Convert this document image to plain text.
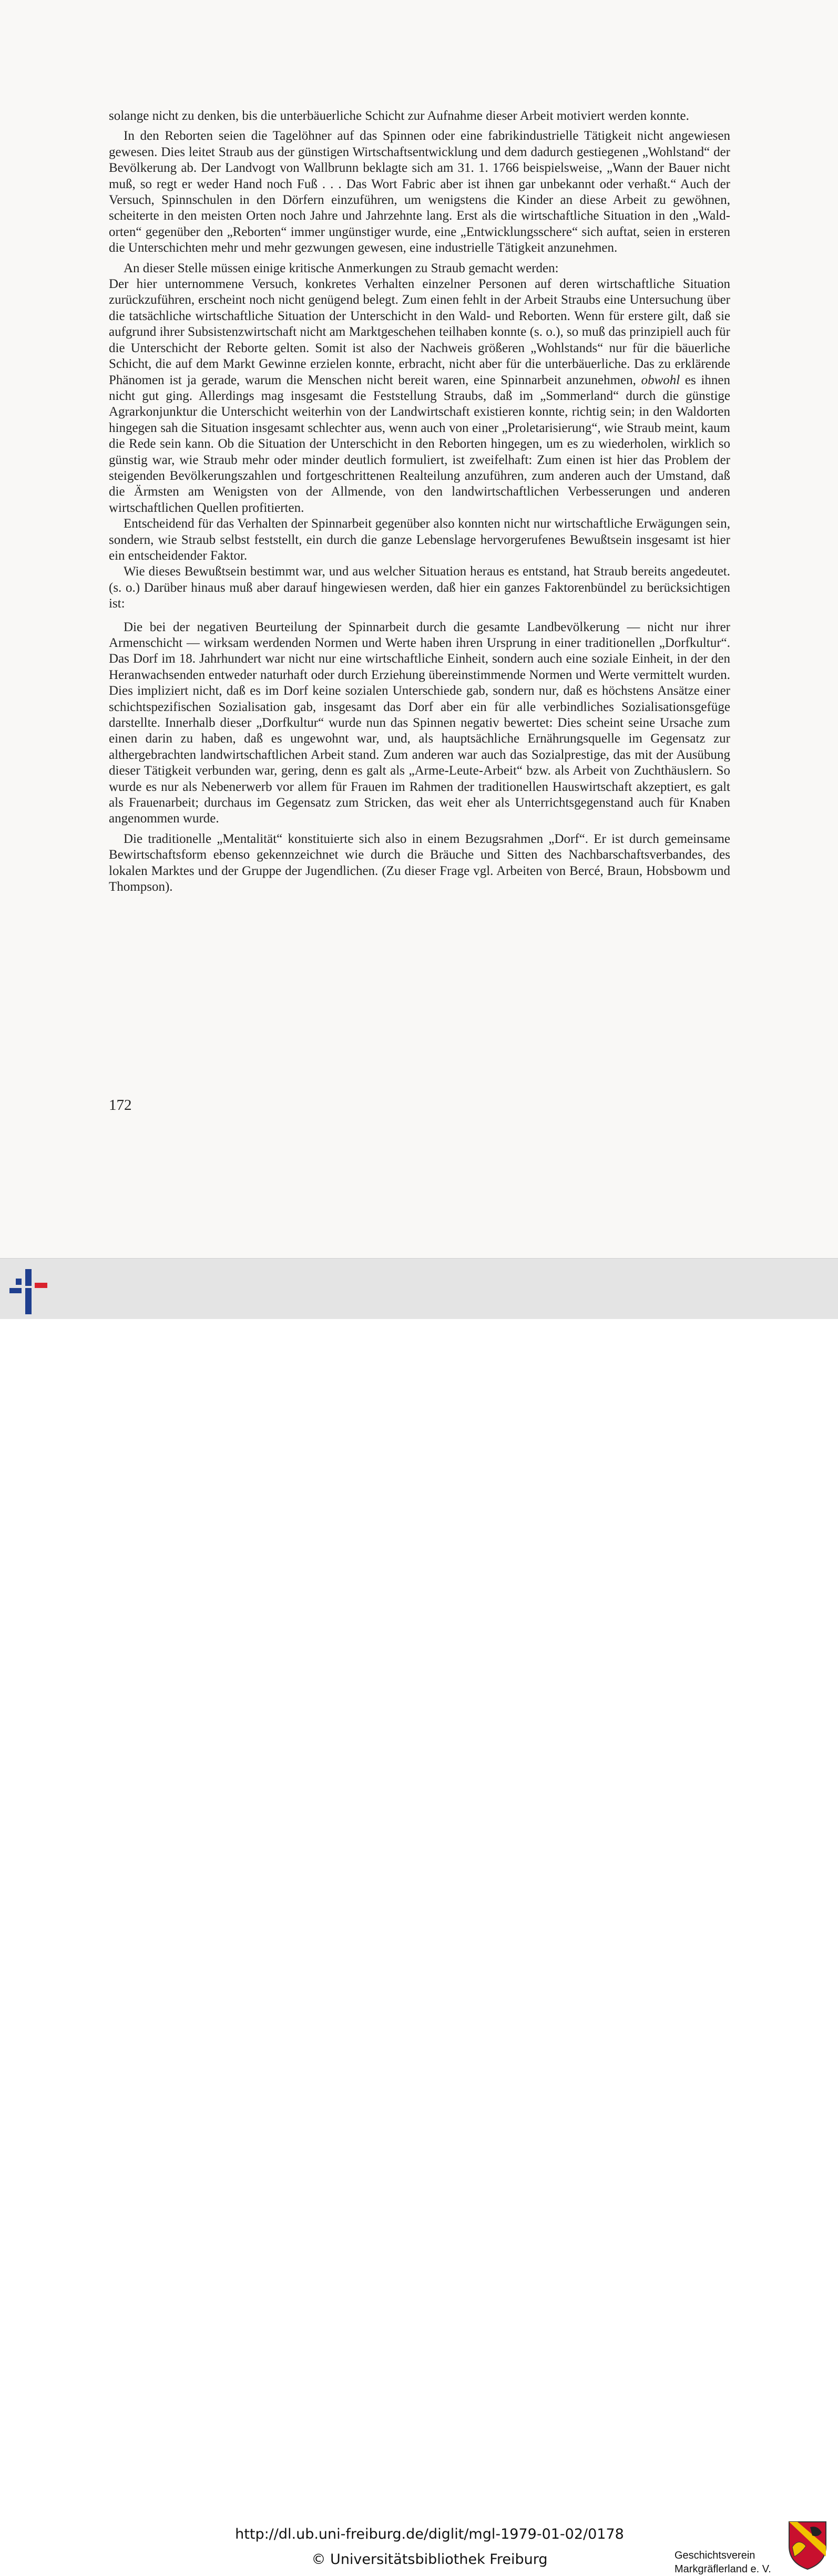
solange nicht zu denken, bis die unterbäuerliche Schicht zur Aufnahme dieser Arbeit motiviert werden konnte.

In den Reborten seien die Tagelöhner auf das Spinnen oder eine fabrikindustrielle Tätigkeit nicht angewiesen gewesen. Dies leitet Straub aus der günstigen Wirtschaftsentwicklung und dem dadurch gestiegenen „Wohlstand“ der Bevölkerung ab. Der Landvogt von Wallbrunn beklagte sich am 31. 1. 1766 beispielsweise, „Wann der Bauer nicht muß, so regt er weder Hand noch Fuß . . . Das Wort Fabric aber ist ihnen gar unbekannt oder verhaßt.“ Auch der Versuch, Spinnschulen in den Dörfern einzuführen, um wenigstens die Kinder an diese Arbeit zu gewöhnen, scheiterte in den meisten Orten noch Jahre und Jahrzehnte lang. Erst als die wirtschaftliche Situation in den „Waldorten“ gegenüber den „Reborten“ immer ungünstiger wurde, eine „Entwicklungsschere“ sich auftat, seien in ersteren die Unterschichten mehr und mehr gezwungen gewesen, eine industrielle Tätigkeit anzunehmen.

An dieser Stelle müssen einige kritische Anmerkungen zu Straub gemacht werden:

Der hier unternommene Versuch, konkretes Verhalten einzelner Personen auf deren wirtschaftliche Situation zurückzuführen, erscheint noch nicht genügend belegt. Zum einen fehlt in der Arbeit Straubs eine Untersuchung über die tatsächliche wirtschaftliche Situation der Unterschicht in den Wald- und Reborten. Wenn für erstere gilt, daß sie aufgrund ihrer Subsistenzwirtschaft nicht am Marktgeschehen teilhaben konnte (s. o.), so muß das prinzipiell auch für die Unterschicht der Reborte gelten. Somit ist also der Nachweis größeren „Wohlstands“ nur für die bäuerliche Schicht, die auf dem Markt Gewinne erzielen konnte, erbracht, nicht aber für die unterbäuerliche. Das zu erklärende Phänomen ist ja gerade, warum die Menschen nicht bereit waren, eine Spinnarbeit anzunehmen, obwohl es ihnen nicht gut ging. Allerdings mag insgesamt die Feststellung Straubs, daß im „Sommerland“ durch die günstige Agrarkonjunktur die Unterschicht weiterhin von der Landwirtschaft existieren konnte, richtig sein; in den Waldorten hingegen sah die Situation insgesamt schlechter aus, wenn auch von einer „Proletarisierung“, wie Straub meint, kaum die Rede sein kann. Ob die Situation der Unterschicht in den Reborten hingegen, um es zu wiederholen, wirklich so günstig war, wie Straub mehr oder minder deutlich formuliert, ist zweifelhaft: Zum einen ist hier das Problem der steigenden Bevölkerungszahlen und fortgeschrittenen Realteilung anzuführen, zum anderen auch der Umstand, daß die Ärmsten am Wenigsten von der Allmende, von den landwirtschaftlichen Verbesserungen und anderen wirtschaftlichen Quellen profitierten.

Entscheidend für das Verhalten der Spinnarbeit gegenüber also konnten nicht nur wirtschaftliche Erwägungen sein, sondern, wie Straub selbst feststellt, ein durch die ganze Lebenslage hervorgerufenes Bewußtsein insgesamt ist hier ein entscheidender Faktor.

Wie dieses Bewußtsein bestimmt war, und aus welcher Situation heraus es entstand, hat Straub bereits angedeutet. (s. o.) Darüber hinaus muß aber darauf hingewiesen werden, daß hier ein ganzes Faktorenbündel zu berücksichtigen ist:

Die bei der negativen Beurteilung der Spinnarbeit durch die gesamte Landbevölkerung — nicht nur ihrer Armenschicht — wirksam werdenden Normen und Werte haben ihren Ursprung in einer traditionellen „Dorfkultur“. Das Dorf im 18. Jahrhundert war nicht nur eine wirtschaftliche Einheit, sondern auch eine soziale Einheit, in der den Heranwachsenden entweder naturhaft oder durch Erziehung übereinstimmende Normen und Werte vermittelt wurden. Dies impliziert nicht, daß es im Dorf keine sozialen Unterschiede gab, sondern nur, daß es höchstens Ansätze einer schichtspezifischen Sozialisation gab, insgesamt das Dorf aber ein für alle verbindliches Sozialisationsgefüge darstellte. Innerhalb dieser „Dorfkultur“ wurde nun das Spinnen negativ bewertet: Dies scheint seine Ursache zum einen darin zu haben, daß es ungewohnt war, und, als hauptsächliche Ernährungsquelle im Gegensatz zur althergebrachten landwirtschaftlichen Arbeit stand. Zum anderen war auch das Sozialprestige, das mit der Ausübung dieser Tätigkeit verbunden war, gering, denn es galt als „Arme-Leute-Arbeit“ bzw. als Arbeit von Zuchthäuslern. So wurde es nur als Nebenerwerb vor allem für Frauen im Rahmen der traditionellen Hauswirtschaft akzeptiert, es galt als Frauenarbeit; durchaus im Gegensatz zum Stricken, das weit eher als Unterrichtsgegenstand auch für Knaben angenommen wurde.

Die traditionelle „Mentalität“ konstituierte sich also in einem Bezugsrahmen „Dorf“. Er ist durch gemeinsame Bewirtschaftsform ebenso gekennzeichnet wie durch die Bräuche und Sitten des Nachbarschaftsverbandes, des lokalen Marktes und der Gruppe der Jugendlichen. (Zu dieser Frage vgl. Arbeiten von Bercé, Braun, Hobsbowm und Thompson).

172
http://dl.ub.uni-freiburg.de/diglit/mgl-1979-01-02/0178
© Universitätsbibliothek Freiburg	Geschichtsverein
Markgräflerland e. V.
